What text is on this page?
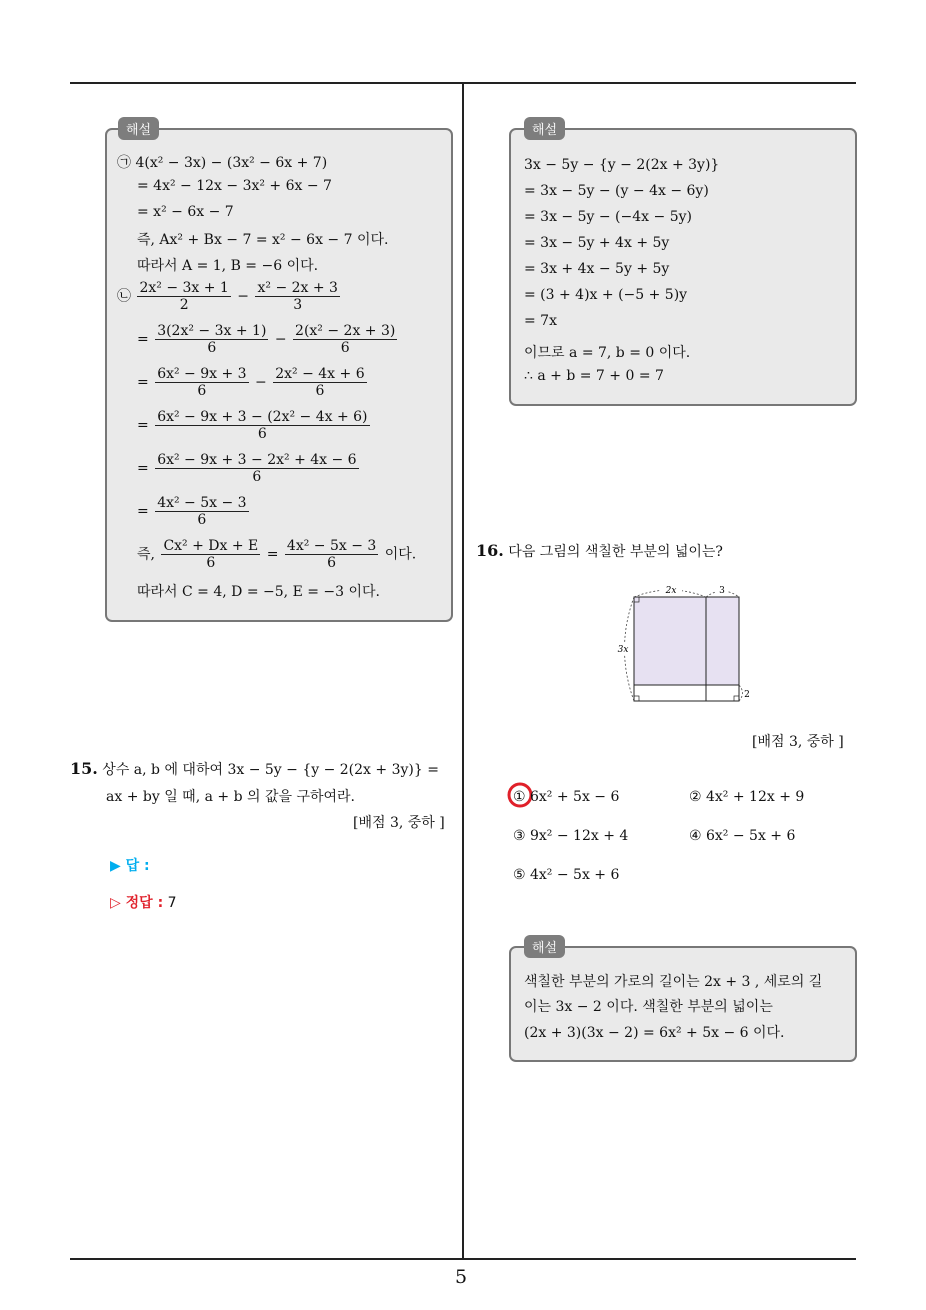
5
해설
㉠ 4(x² − 3x) − (3x² − 6x + 7)
= 4x² − 12x − 3x² + 6x − 7
= x² − 6x − 7
즉, Ax² + Bx − 7 = x² − 6x − 7 이다.
따라서 A = 1, B = −6 이다.
㉡ $\frac{\text{2x² − 3x + 1}}{2} - \frac{\text{x² − 2x + 3}}{3}$
= $\frac{\text{3(2x² − 3x + 1)}}{6} - \frac{\text{2(x² − 2x + 3)}}{6}$
= $\frac{\text{6x² − 9x + 3}}{6} - \frac{\text{2x² − 4x + 6}}{6}$
= $\frac{\text{6x² − 9x + 3 − (2x² − 4x + 6)}}{6}$
= $\frac{\text{6x² − 9x + 3 − 2x² + 4x − 6}}{6}$
= $\frac{\text{4x² − 5x − 3}}{6}$
즉, $\frac{\text{Cx² + Dx + E}}{6} = \frac{\text{4x² − 5x − 3}}{6}$ 이다.
따라서 C = 4, D = −5, E = −3 이다.
15. 상수 a, b 에 대하여 3x − 5y − {y − 2(2x + 3y)} =
ax + by 일 때, a + b 의 값을 구하여라.
[배점 3, 중하 ]
▶ 답 :
▷ 정답 : 7
해설
3x − 5y − {y − 2(2x + 3y)}
= 3x − 5y − (y − 4x − 6y)
= 3x − 5y − (−4x − 5y)
= 3x − 5y + 4x + 5y
= 3x + 4x − 5y + 5y
= (3 + 4)x + (−5 + 5)y
= 7x
이므로 a = 7, b = 0 이다.
∴ a + b = 7 + 0 = 7
16. 다음 그림의 색칠한 부분의 넓이는?
2x	3
3x
2
[배점 3, 중하 ]
① 6x² + 5x − 6	② 4x² + 12x + 9
③ 9x² − 12x + 4	④ 6x² − 5x + 6
⑤ 4x² − 5x + 6
해설
색칠한 부분의 가로의 길이는 2x + 3 , 세로의 길
이는 3x − 2 이다. 색칠한 부분의 넓이는
(2x + 3)(3x − 2) = 6x² + 5x − 6 이다.
